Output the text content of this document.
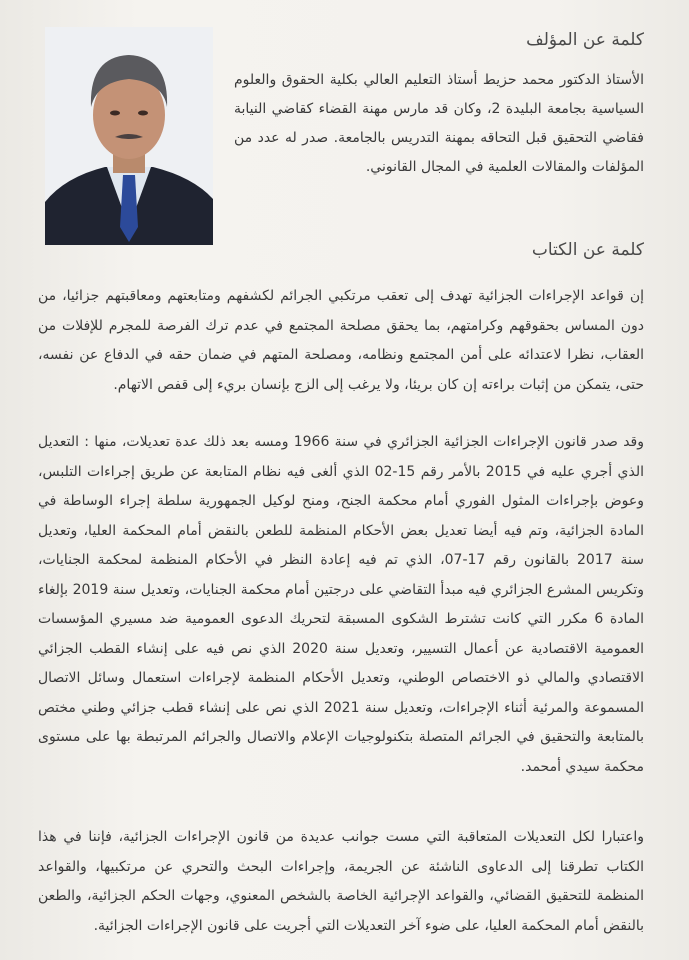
كلمة عن المؤلف
الأستاذ الدكتور محمد حزيط أستاذ التعليم العالي بكلية الحقوق والعلوم السياسية بجامعة البليدة 2، وكان قد مارس مهنة القضاء كقاضي النيابة فقاضي التحقيق قبل التحاقه بمهنة التدريس بالجامعة. صدر له عدد من المؤلفات والمقالات العلمية في المجال القانوني.
كلمة عن الكتاب

إن قواعد الإجراءات الجزائية تهدف إلى تعقب مرتكبي الجرائم لكشفهم ومتابعتهم ومعاقبتهم جزائيا، من دون المساس بحقوقهم وكرامتهم، بما يحقق مصلحة المجتمع في عدم ترك الفرصة للمجرم للإفلات من العقاب، نظرا لاعتدائه على أمن المجتمع ونظامه، ومصلحة المتهم في ضمان حقه في الدفاع عن نفسه، حتى، يتمكن من إثبات براءته إن كان بريئا، ولا يرغب إلى الزج بإنسان بريء إلى قفص الاتهام.

وقد صدر قانون الإجراءات الجزائية الجزائري في سنة 1966 ومسه بعد ذلك عدة تعديلات، منها : التعديل الذي أجري عليه في 2015 بالأمر رقم 15-02 الذي ألغى فيه نظام المتابعة عن طريق إجراءات التلبس، وعوض بإجراءات المثول الفوري أمام محكمة الجنح، ومنح لوكيل الجمهورية سلطة إجراء الوساطة في المادة الجزائية، وتم فيه أيضا تعديل بعض الأحكام المنظمة للطعن بالنقض أمام المحكمة العليا، وتعديل سنة 2017 بالقانون رقم 17-07، الذي تم فيه إعادة النظر في الأحكام المنظمة لمحكمة الجنايات، وتكريس المشرع الجزائري فيه مبدأ التقاضي على درجتين أمام محكمة الجنايات، وتعديل سنة 2019 بإلغاء المادة 6 مكرر التي كانت تشترط الشكوى المسبقة لتحريك الدعوى العمومية ضد مسيري المؤسسات العمومية الاقتصادية عن أعمال التسيير، وتعديل سنة 2020 الذي نص فيه على إنشاء القطب الجزائي الاقتصادي والمالي ذو الاختصاص الوطني، وتعديل الأحكام المنظمة لإجراءات استعمال وسائل الاتصال المسموعة والمرئية أثناء الإجراءات، وتعديل سنة 2021 الذي نص على إنشاء قطب جزائي وطني مختص بالمتابعة والتحقيق في الجرائم المتصلة بتكنولوجيات الإعلام والاتصال والجرائم المرتبطة بها على مستوى محكمة سيدي أمحمد.

واعتبارا لكل التعديلات المتعاقبة التي مست جوانب عديدة من قانون الإجراءات الجزائية، فإننا في هذا الكتاب تطرقنا إلى الدعاوى الناشئة عن الجريمة، وإجراءات البحث والتحري عن مرتكبيها، والقواعد المنظمة للتحقيق القضائي، والقواعد الإجرائية الخاصة بالشخص المعنوي، وجهات الحكم الجزائية، والطعن بالنقض أمام المحكمة العليا، على ضوء آخر التعديلات التي أجريت على قانون الإجراءات الجزائية.
